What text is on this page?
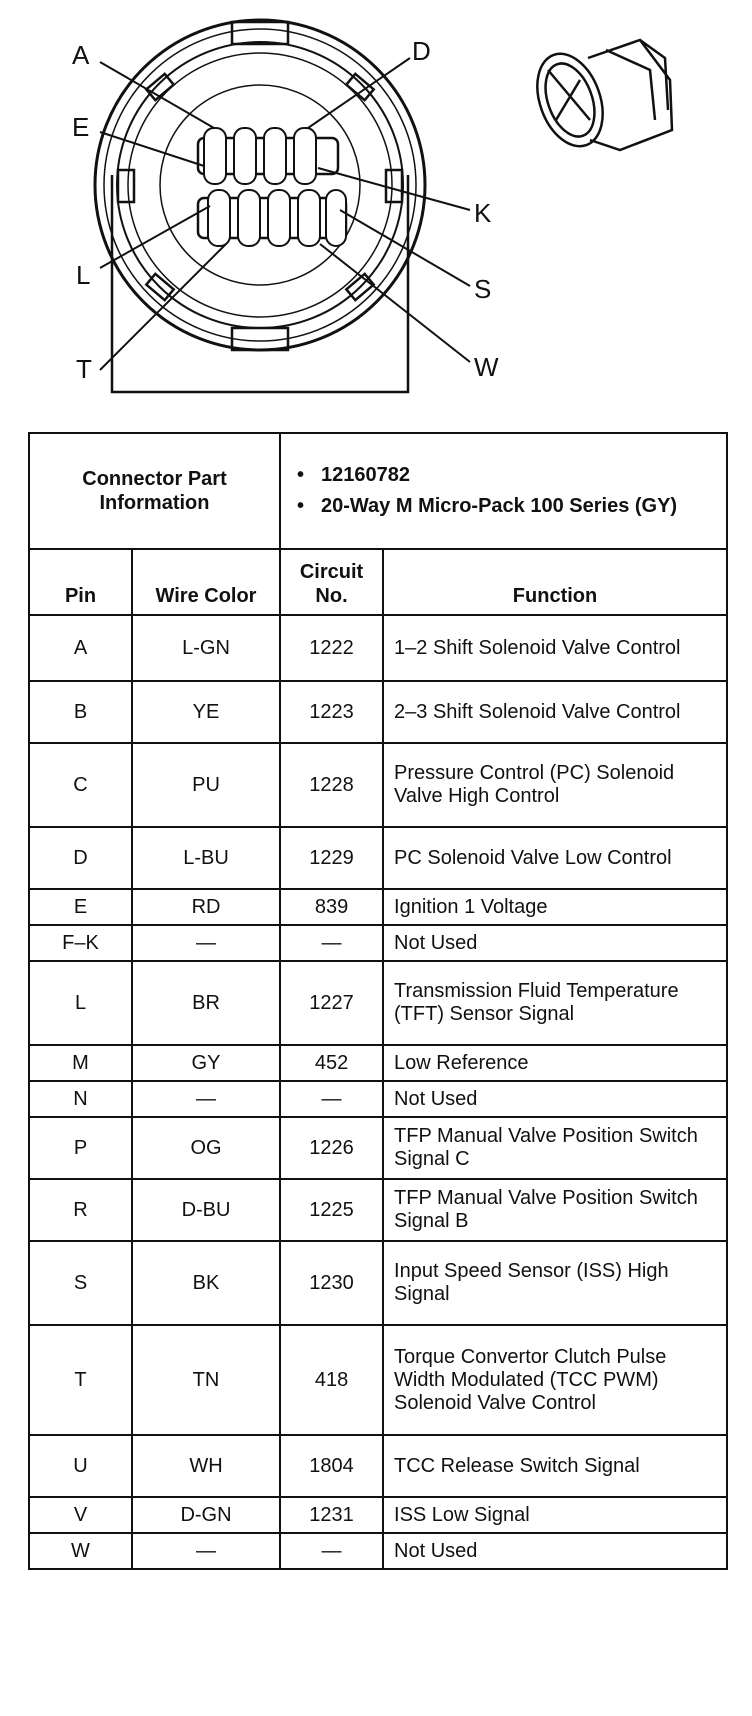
A	D
E
K
L	S
T	W
Connector Part Information		• 12160782
• 20-Way M Micro-Pack 100 Series (GY)

Pin	Wire Color	Circuit No.	Function
A	L-GN	1222	1–2 Shift Solenoid Valve Control
B	YE	1223	2–3 Shift Solenoid Valve Control
C	PU	1228	Pressure Control (PC) Solenoid Valve High Control
D	L-BU	1229	PC Solenoid Valve Low Control
E	RD	839	Ignition 1 Voltage
F–K	—	—	Not Used
L	BR	1227	Transmission Fluid Temperature (TFT) Sensor Signal
M	GY	452	Low Reference
N	—	—	Not Used
P	OG	1226	TFP Manual Valve Position Switch Signal C
R	D-BU	1225	TFP Manual Valve Position Switch Signal B
S	BK	1230	Input Speed Sensor (ISS) High Signal
T	TN	418	Torque Convertor Clutch Pulse Width Modulated (TCC PWM) Solenoid Valve Control
U	WH	1804	TCC Release Switch Signal
V	D-GN	1231	ISS Low Signal
W	—	—	Not Used
